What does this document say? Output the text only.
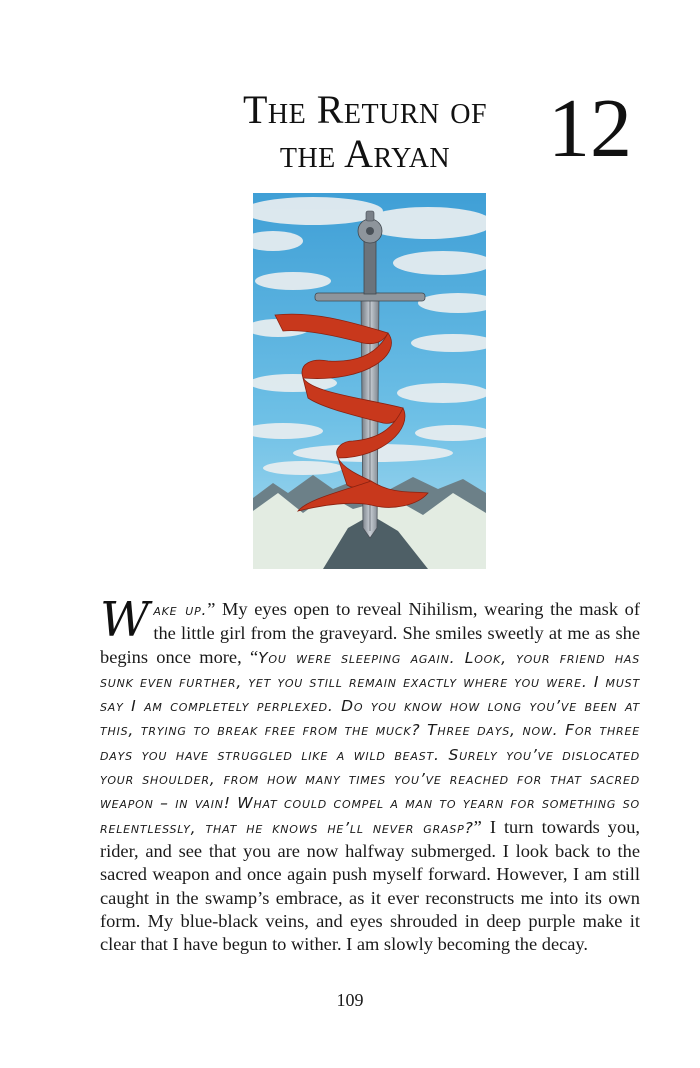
The Return of
the Aryan	12
Wake up.” My eyes open to reveal Nihilism, wearing the mask of the little girl from the graveyard. She smiles sweetly at me as she begins once more, “You were sleeping again. Look, your friend has sunk even further, yet you still remain exactly where you were. I must say I am completely perplexed. Do you know how long you’ve been at this, trying to break free from the muck? Three days, now. For three days you have struggled like a wild beast. Surely you’ve dislocated your shoulder, from how many times you’ve reached for that sacred weapon – in vain! What could compel a man to yearn for something so relentlessly, that he knows he’ll never grasp?” I turn towards you, rider, and see that you are now halfway submerged. I look back to the sacred weapon and once again push myself forward. However, I am still caught in the swamp’s embrace, as it ever reconstructs me into its own form. My blue-black veins, and eyes shrouded in deep purple make it clear that I have begun to wither. I am slowly becoming the decay.
109
